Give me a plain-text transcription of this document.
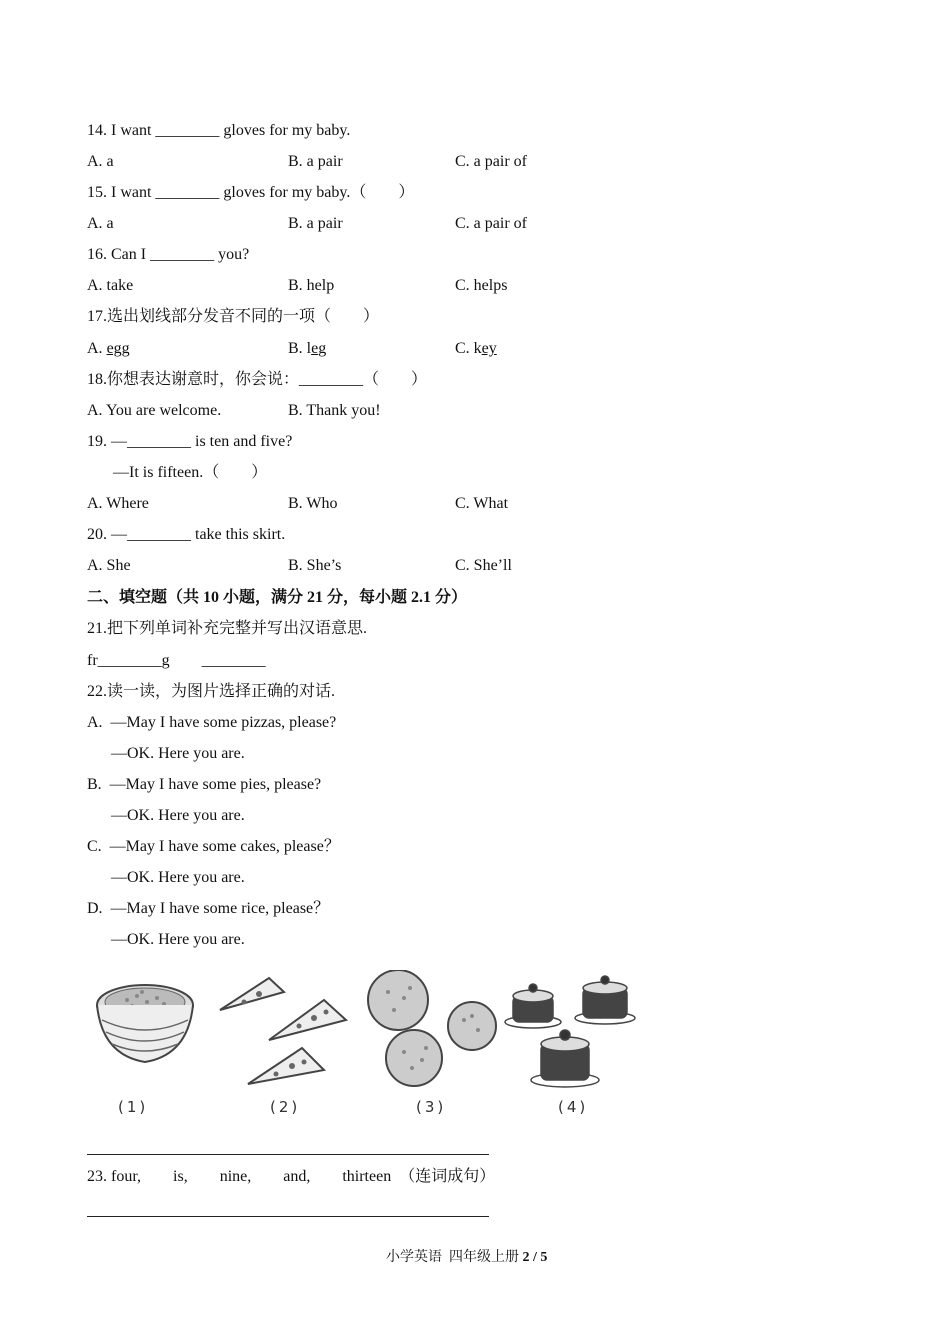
14. I want ________ gloves for my baby.
A. a	B. a pair	C. a pair of
15. I want ________ gloves for my baby.（　　）
A. a	B. a pair	C. a pair of
16. Can I ________ you?
A. take	B. help	C. helps
17.选出划线部分发音不同的一项（　　）
A. egg	B. leg	C. key
18.你想表达谢意时，你会说：________（　　）
A. You are welcome.	B. Thank you!
19. —________ is ten and five?
—It is fifteen.（　　）
A. Where	B. Who	C. What
20. —________ take this skirt.
A. She	B. She’s	C. She’ll
二、填空题（共 10 小题，满分 21 分，每小题 2.1 分）
21.把下列单词补充完整并写出汉语意思.
fr________g        ________
22.读一读，为图片选择正确的对话.
A.  —May I have some pizzas, please?
—OK. Here you are.
B.  —May I have some pies, please?
—OK. Here you are.
C.  —May I have some cakes, please？
—OK. Here you are.
D.  —May I have some rice, please？
—OK. Here you are.
(1)	(2)	(3)	(4)
23. four,        is,        nine,        and,        thirteen  （连词成句）
小学英语  四年级上册 2 / 5
